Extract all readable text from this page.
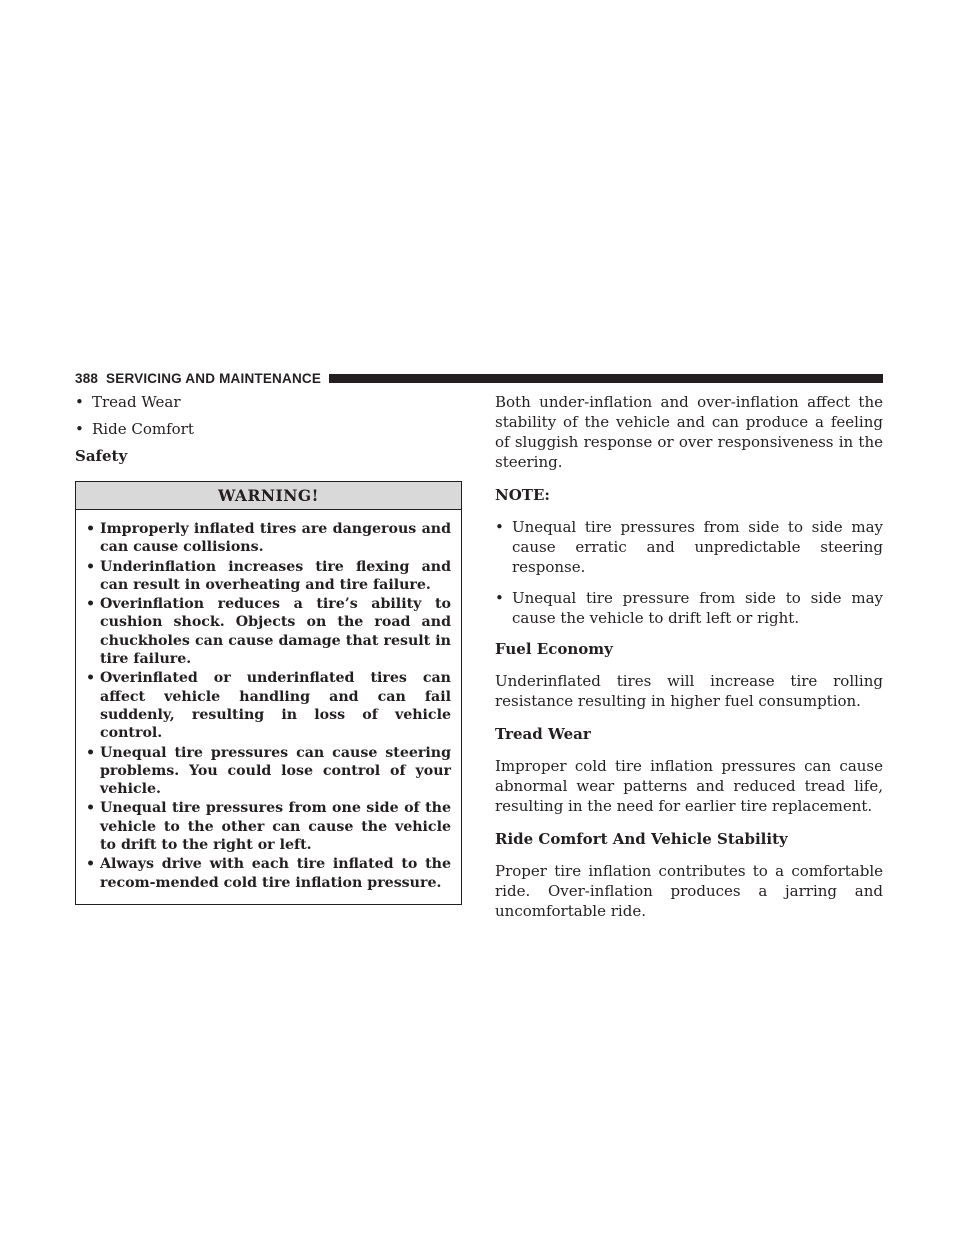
388 SERVICING AND MAINTENANCE
• Tread Wear
• Ride Comfort

Safety

WARNING!
• Improperly inflated tires are dangerous and can cause collisions.
• Underinflation increases tire flexing and can result in overheating and tire failure.
• Overinflation reduces a tire’s ability to cushion shock. Objects on the road and chuckholes can cause damage that result in tire failure.
• Overinflated or underinflated tires can affect vehicle handling and can fail suddenly, resulting in loss of vehicle control.
• Unequal tire pressures can cause steering problems. You could lose control of your vehicle.
• Unequal tire pressures from one side of the vehicle to the other can cause the vehicle to drift to the right or left.
• Always drive with each tire inflated to the recom-mended cold tire inflation pressure.

Both under-inflation and over-inflation affect the stability of the vehicle and can produce a feeling of sluggish response or over responsiveness in the steering.

NOTE:

• Unequal tire pressures from side to side may cause erratic and unpredictable steering response.
• Unequal tire pressure from side to side may cause the vehicle to drift left or right.

Fuel Economy

Underinflated tires will increase tire rolling resistance resulting in higher fuel consumption.

Tread Wear

Improper cold tire inflation pressures can cause abnormal wear patterns and reduced tread life, resulting in the need for earlier tire replacement.

Ride Comfort And Vehicle Stability

Proper tire inflation contributes to a comfortable ride. Over-inflation produces a jarring and uncomfortable ride.
